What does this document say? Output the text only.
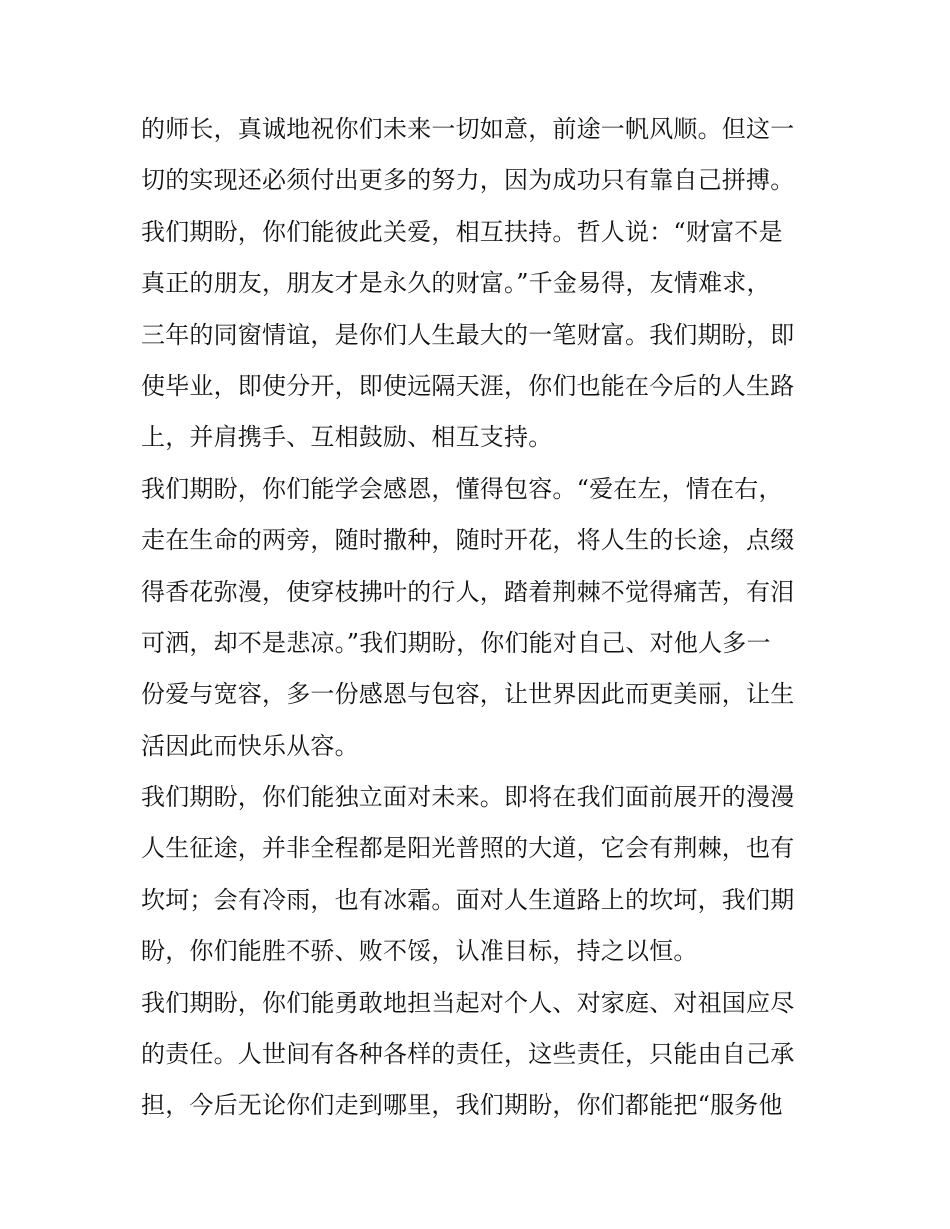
的师长，真诚地祝你们未来一切如意，前途一帆风顺。但这一
切的实现还必须付出更多的努力，因为成功只有靠自己拼搏。
我们期盼，你们能彼此关爱，相互扶持。哲人说：“财富不是
真正的朋友，朋友才是永久的财富。”千金易得，友情难求，
三年的同窗情谊，是你们人生最大的一笔财富。我们期盼，即
使毕业，即使分开，即使远隔天涯，你们也能在今后的人生路
上，并肩携手、互相鼓励、相互支持。
我们期盼，你们能学会感恩，懂得包容。“爱在左，情在右，
走在生命的两旁，随时撒种，随时开花，将人生的长途，点缀
得香花弥漫，使穿枝拂叶的行人，踏着荆棘不觉得痛苦，有泪
可洒，却不是悲凉。”我们期盼，你们能对自己、对他人多一
份爱与宽容，多一份感恩与包容，让世界因此而更美丽，让生
活因此而快乐从容。
我们期盼，你们能独立面对未来。即将在我们面前展开的漫漫
人生征途，并非全程都是阳光普照的大道，它会有荆棘，也有
坎坷；会有冷雨，也有冰霜。面对人生道路上的坎坷，我们期
盼，你们能胜不骄、败不馁，认准目标，持之以恒。
我们期盼，你们能勇敢地担当起对个人、对家庭、对祖国应尽
的责任。人世间有各种各样的责任，这些责任，只能由自己承
担，今后无论你们走到哪里，我们期盼，你们都能把“服务他
